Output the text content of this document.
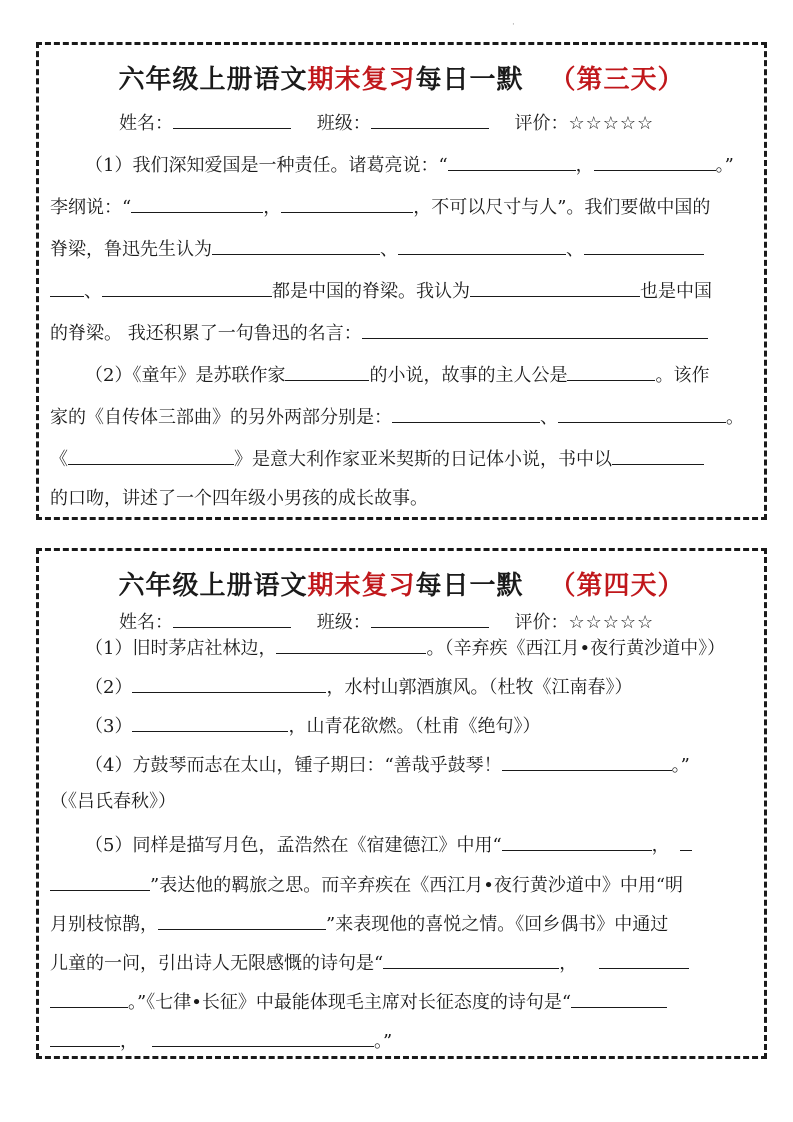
·
六年级上册语文期末复习每日一默 （第三天）
姓名：	班级：	评价：☆☆☆☆☆
（1）我们深知爱国是一种责任。诸葛亮说：“	，	。”
李纲说：“	，	，不可以尺寸与人”。我们要做中国的
脊梁，鲁迅先生认为	、	、
、	都是中国的脊梁。我认为	也是中国
的脊梁。 我还积累了一句鲁迅的名言：
（2）《童年》是苏联作家	的小说，故事的主人公是	。该作
家的《自传体三部曲》的另外两部分别是：	、	。
《	》是意大利作家亚米契斯的日记体小说，书中以
的口吻，讲述了一个四年级小男孩的成长故事。
六年级上册语文期末复习每日一默 （第四天）
姓名：	班级：	评价：☆☆☆☆☆
（1）旧时茅店社林边，	。（辛弃疾《西江月•夜行黄沙道中》）
（2）	，水村山郭酒旗风。（杜牧《江南春》）
（3）	，山青花欲燃。（杜甫《绝句》）
（4）方鼓琴而志在太山，锺子期曰：“善哉乎鼓琴！	。”
（《吕氏春秋》）
（5）同样是描写月色，孟浩然在《宿建德江》中用“	，
”表达他的羁旅之思。而辛弃疾在《西江月•夜行黄沙道中》中用“明
月别枝惊鹊，	”来表现他的喜悦之情。《回乡偶书》中通过
儿童的一问，引出诗人无限感慨的诗句是“	，
。”《七律•长征》中最能体现毛主席对长征态度的诗句是“
，	。”
